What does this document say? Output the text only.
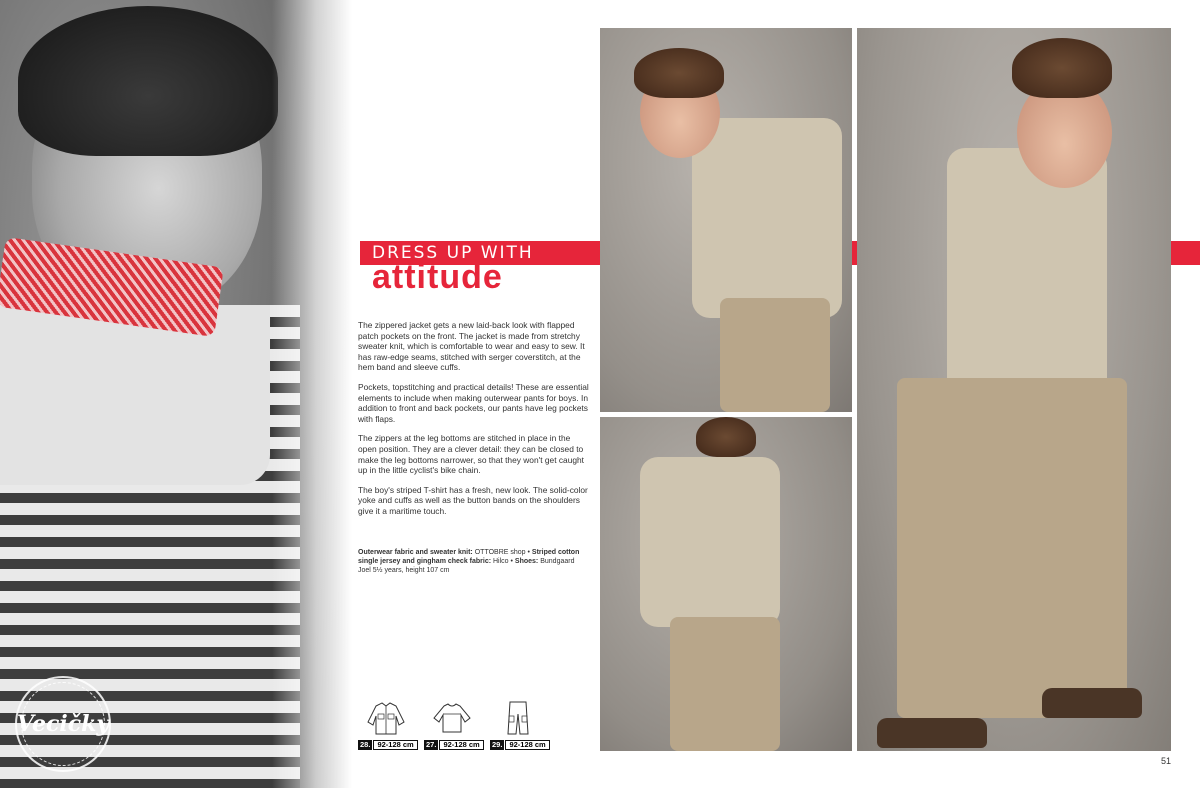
Vecičky
DRESS UP WITH
attitude

The zippered jacket gets a new laid-back look with flapped patch pockets on the front. The jacket is made from stretchy sweater knit, which is comfortable to wear and easy to sew. It has raw-edge seams, stitched with serger coverstitch, at the hem band and sleeve cuffs.

Pockets, topstitching and practical details! These are essential elements to include when making outerwear pants for boys. In addition to front and back pockets, our pants have leg pockets with flaps.

The zippers at the leg bottoms are stitched in place in the open position. They are a clever detail: they can be closed to make the leg bottoms narrower, so that they won't get caught up in the little cyclist's bike chain.

The boy's striped T-shirt has a fresh, new look. The solid-color yoke and cuffs as well as the button bands on the shoulders give it a maritime touch.

Outerwear fabric and sweater knit: OTTOBRE shop • Striped cotton single jersey and gingham check fabric: Hilco • Shoes: Bundgaard
Joel 5½ years, height 107 cm
28. 92-128 cm	27. 92-128 cm	29. 92-128 cm
51
